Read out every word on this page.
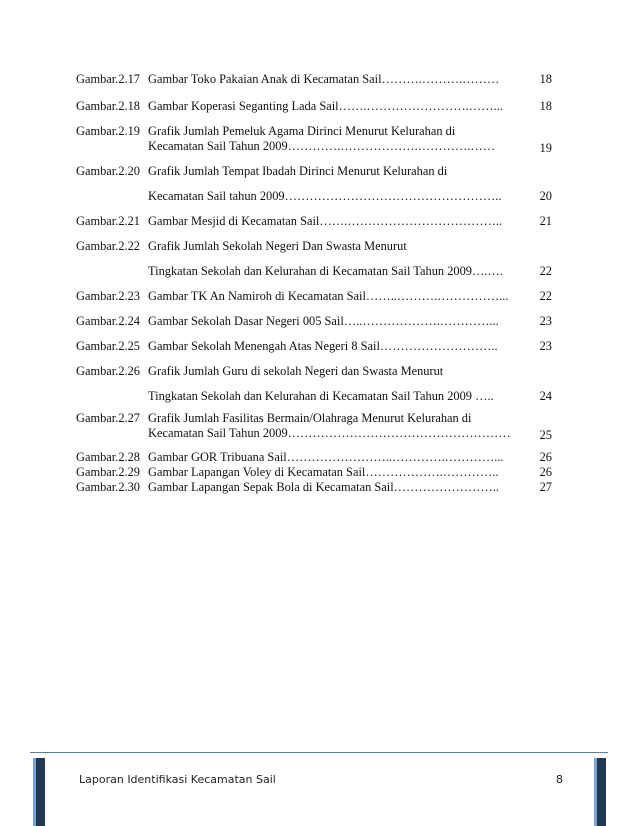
Gambar.2.17 Gambar Toko Pakaian Anak di Kecamatan Sail……….……….………	18
Gambar.2.18 Gambar Koperasi Seganting Lada Sail…….…………………….……...	18
Gambar.2.19 Grafik Jumlah Pemeluk Agama Dirinci Menurut Kelurahan di
Kecamatan Sail Tahun 2009………….……………….………….……	19
Gambar.2.20 Grafik Jumlah Tempat Ibadah Dirinci Menurut Kelurahan di
Kecamatan Sail tahun 2009……………………………………………..	20
Gambar.2.21 Gambar Mesjid di Kecamatan Sail…….………………………………..	21
Gambar.2.22 Grafik Jumlah Sekolah Negeri Dan Swasta Menurut
Tingkatan Sekolah dan Kelurahan di Kecamatan Sail Tahun 2009….….	22
Gambar.2.23 Gambar TK An Namiroh di Kecamatan Sail……..……….……………...	22
Gambar.2.24 Gambar Sekolah Dasar Negeri 005 Sail…..……………….…………...	23
Gambar.2.25 Gambar Sekolah Menengah Atas Negeri 8 Sail………………………..	23
Gambar.2.26 Grafik Jumlah Guru di sekolah Negeri dan Swasta Menurut
Tingkatan Sekolah dan Kelurahan di Kecamatan Sail Tahun 2009 …..	24
Gambar.2.27 Grafik Jumlah Fasilitas Bermain/Olahraga Menurut Kelurahan di
Kecamatan Sail Tahun 2009………………………………………………	25
Gambar.2.28 Gambar GOR Tribuana Sail……………………..………….…………...	26
Gambar.2.29 Gambar Lapangan Voley di Kecamatan Sail……………….…………..	26
Gambar.2.30 Gambar Lapangan Sepak Bola di Kecamatan Sail……………………..	27
Laporan Identifikasi Kecamatan Sail	8
